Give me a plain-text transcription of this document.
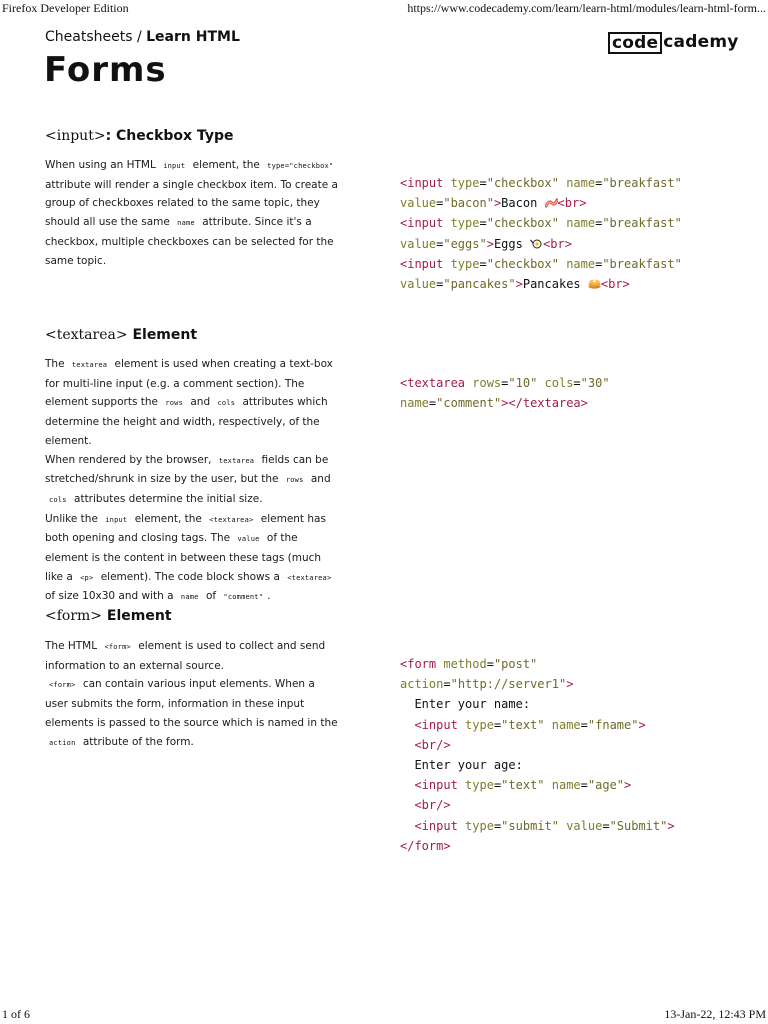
Firefox Developer Edition	https://www.codecademy.com/learn/learn-html/modules/learn-html-form...
1 of 6	13-Jan-22, 12:43 PM
Cheatsheets / Learn HTML	code cademy
Forms
<input>: Checkbox Type

When using an HTML input element, the type="checkbox" attribute will render a single checkbox item. To create a group of checkboxes related to the same topic, they should all use the same name attribute. Since it's a checkbox, multiple checkboxes can be selected for the same topic.

<input type="checkbox" name="breakfast"
value="bacon">Bacon <br>
<input type="checkbox" name="breakfast"
value="eggs">Eggs <br>
<input type="checkbox" name="breakfast"
value="pancakes">Pancakes <br>
<textarea> Element

The textarea element is used when creating a text-box for multi-line input (e.g. a comment section). The element supports the rows and cols attributes which determine the height and width, respectively, of the element.

When rendered by the browser, textarea fields can be stretched/shrunk in size by the user, but the rows and cols attributes determine the initial size.

Unlike the input element, the <textarea> element has both opening and closing tags. The value of the element is the content in between these tags (much like a <p> element). The code block shows a <textarea> of size 10x30 and with a name of "comment" .

<textarea rows="10" cols="30"
name="comment"></textarea>
<form> Element

The HTML <form> element is used to collect and send information to an external source.

<form> can contain various input elements. When a user submits the form, information in these input elements is passed to the source which is named in the action attribute of the form.

<form method="post"
action="http://server1">
Enter your name:
<input type="text" name="fname">
<br/>
Enter your age:
<input type="text" name="age">
<br/>
<input type="submit" value="Submit">
</form>
